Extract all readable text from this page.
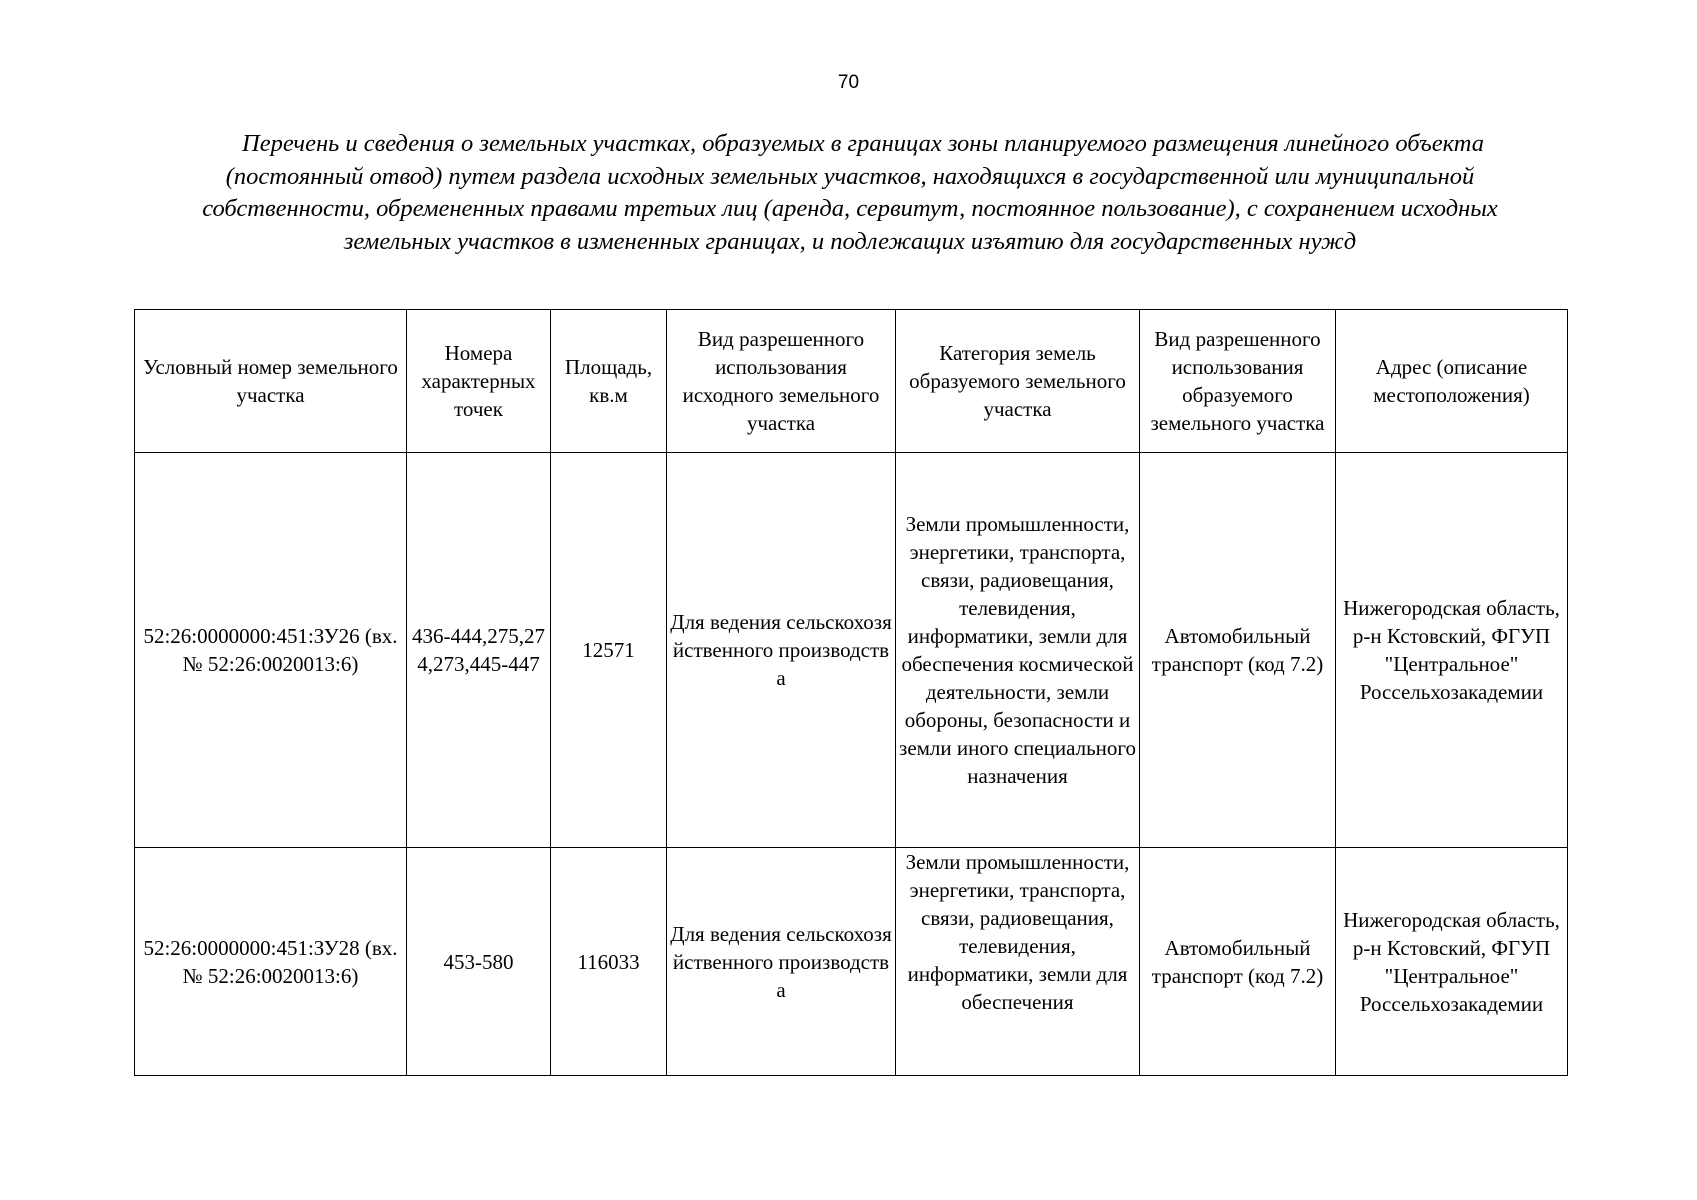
70
Перечень и сведения о земельных участках, образуемых в границах зоны планируемого размещения линейного объекта (постоянный отвод) путем раздела исходных земельных участков, находящихся в государственной или муниципальной собственности, обремененных правами третьих лиц (аренда, сервитут, постоянное пользование), с сохранением исходных земельных участков в измененных границах, и подлежащих изъятию для государственных нужд
Условный номер земельного участка	Номера характерных точек	Площадь, кв.м	Вид разрешенного использования исходного земельного участка	Категория земель образуемого земельного участка	Вид разрешенного использования образуемого земельного участка	Адрес (описание местоположения)
52:26:0000000:451:ЗУ26 (вх.№ 52:26:0020013:6)	436-444,275,274,273,445-447	12571	Для ведения сельскохозяйственного производства	Земли промышленности, энергетики, транспорта, связи, радиовещания, телевидения, информатики, земли для обеспечения космической деятельности, земли обороны, безопасности и земли иного специального назначения	Автомобильный транспорт (код 7.2)	Нижегородская область, р-н Кстовский, ФГУП "Центральное" Россельхозакадемии
52:26:0000000:451:ЗУ28 (вх.№ 52:26:0020013:6)	453-580	116033	Для ведения сельскохозяйственного производства	Земли промышленности, энергетики, транспорта, связи, радиовещания, телевидения, информатики, земли для обеспечения	Автомобильный транспорт (код 7.2)	Нижегородская область, р-н Кстовский, ФГУП "Центральное" Россельхозакадемии
